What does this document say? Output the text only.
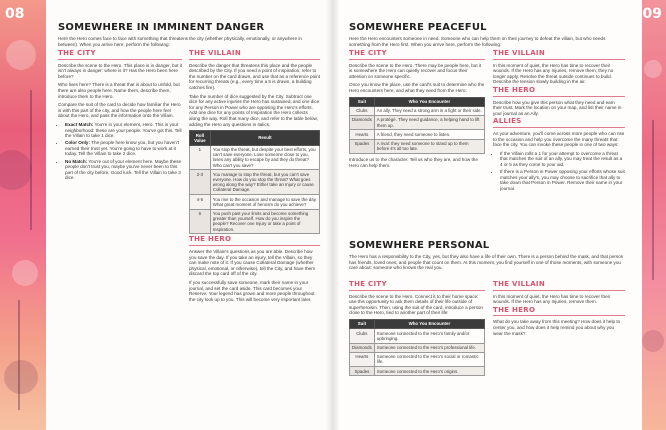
08
SOMEWHERE IN IMMINENT DANGER

Here the Hero comes face to face with something that threatens the city (whether physically, emotionally, or anywhere in between). When you arrive here, perform the following:

THE CITY

Describe the scene to the Hero. This place is in danger, but it isn't always in danger: where is it? Has the Hero been here before?

Who lives here? There is a threat that is about to unfold, but there are also people here. Name them, describe them, introduce them to the Hero.

Compare the suit of the card to decide how familiar the Hero is with this part of the city, and how the people here feel about the Hero, and pass the information onto the Villain.

• Exact Match: You're in your element, Hero. This is your neighborhood: these are your people. You've got this. Tell the Villain to take 1 dice.
• Color Only: The people here know you, but you haven't earned their trust yet. You're going to have to work at it today. Tell the Villain to take 2 dice.
• No Match: You're out of your element here. Maybe these people don't trust you, maybe you've never been to this part of the city before. Good luck. Tell the Villain to take 3 dice.
THE VILLAIN

Describe the danger that threatens this place and the people described by the City. If you need a point of inspiration, refer to the number on the card drawn, and use that as a reference point for recurring threats (e.g., every time a 5 is drawn, a building catches fire).

Take the number of dice suggested by the City. Subtract one dice for any active injuries the Hero has sustained, and one dice for any Person in Power who are opposing the Hero's efforts. Add one dice for any points of Inspiration the Hero collects along the way. Roll that many dice, and refer to the table below, adding the Hero any questions in italics.

Roll Value	Result
1	You stop the threat, but despite your best efforts, you can't save everyone. Lose someone close to you, loses any ability to escape by and they do threat? Who can't you save?
2-3	You manage to stop the threat, but you can't save everyone. How do you stop the threat? What goes wrong along the way? Either take an Injury or cause Collateral Damage.
4-5	You rise to the occasion and manage to save the day. What great moment of heroism do you achieve?
6	You push past your limits and become something greater than yourself. How do you inspire the people? Recover one Injury or take a point of Inspiration.
THE HERO

Answer the Villain's questions as you are able. Describe how you save the day. If you take an injury, tell the Villain, so they can make note of it. If you cause Collateral Damage (whether physical, emotional, or otherwise), tell the City, and have them discard the top card off of the city.

If you successfully save someone, mark their name in your journal, and set the card aside. This card becomes your Reserve. Your legend has grown and more people throughout the city look up to you. This will become very important later.

09
SOMEWHERE PEACEFUL

Here the Hero encounters someone in need. Someone who can help them on their journey to defeat the villain, but who needs something from the Hero first. When you arrive here, perform the following:

THE CITY

Describe the scene to the Hero. There may be people here, but it is somewhere the Hero can quietly recover and focus their attention on someone specific.

Once you know the place, use the card's suit to determine who the Hero encounters here, and what they need from the Hero:

Suit	Who You Encounter
Clubs	An ally. They need a strong arm in a fight or their side.
Diamonds	A protégé. They need guidance, a helping hand to lift them up.
Hearts	A friend, they need someone to listen.
Spades	A rival: they need someone to stand up to them before it's all too late.

Introduce us to the character. Tell us who they are, and how the Hero can help them.

THE VILLAIN

In this moment of quiet, the Hero has time to recover their wounds. If the Hero has any Injuries, remove them; they no longer apply. Resolve the threat outside continues to build. Describe the tension slowly building in the air.

THE HERO

Describe how you give this person what they need and earn their trust. Mark the location on your map, and list their name in your journal as an Ally.

ALLIES

As your adventure, you'll come across more people who can rise to the occasion and help you overcome the many threats that face the city. You can invoke these people in one of two ways:

• If the Villain rolls a 1 for your attempt to overcome a threat that matches the suit of an ally, you may treat the result as a 4 or 5 as they come to your aid.
• If there is a Person in Power opposing your efforts whose suit matches your ally's, you may choose to sacrifice that ally to take down that Person in Power. Remove their name in your journal.
SOMEWHERE PERSONAL

The Hero has a responsibility to the City, yes, but they also have a life of their own. There is a person behind the mask, and that person has friends, loved ones, and people that count on them. At this moment, you find yourself in one of those moments, with someone you care about: someone who knows the real you.

THE CITY

Describe the scene to the Hero. Connect it to their home space: use this opportunity to ask them details of their life outside of superheroism. Then, using the suit of the card, introduce a person close to the Hero, tied to another part of their life:

Suit	Who You Encounter
Clubs	Someone connected to the Hero's family and/or upbringing.
Diamonds	Someone connected to the Hero's professional life.
Hearts	Someone connected to the Hero's social or romantic life.
Spades	Someone connected to the Hero's origins.
THE VILLAIN

In this moment of quiet, the Hero has time to recover their wounds. If the Hero has any Injuries, remove them.

THE HERO

What do you take away from this meeting? How does it help to center you, and how does it help remind you about why you wear the mask?
